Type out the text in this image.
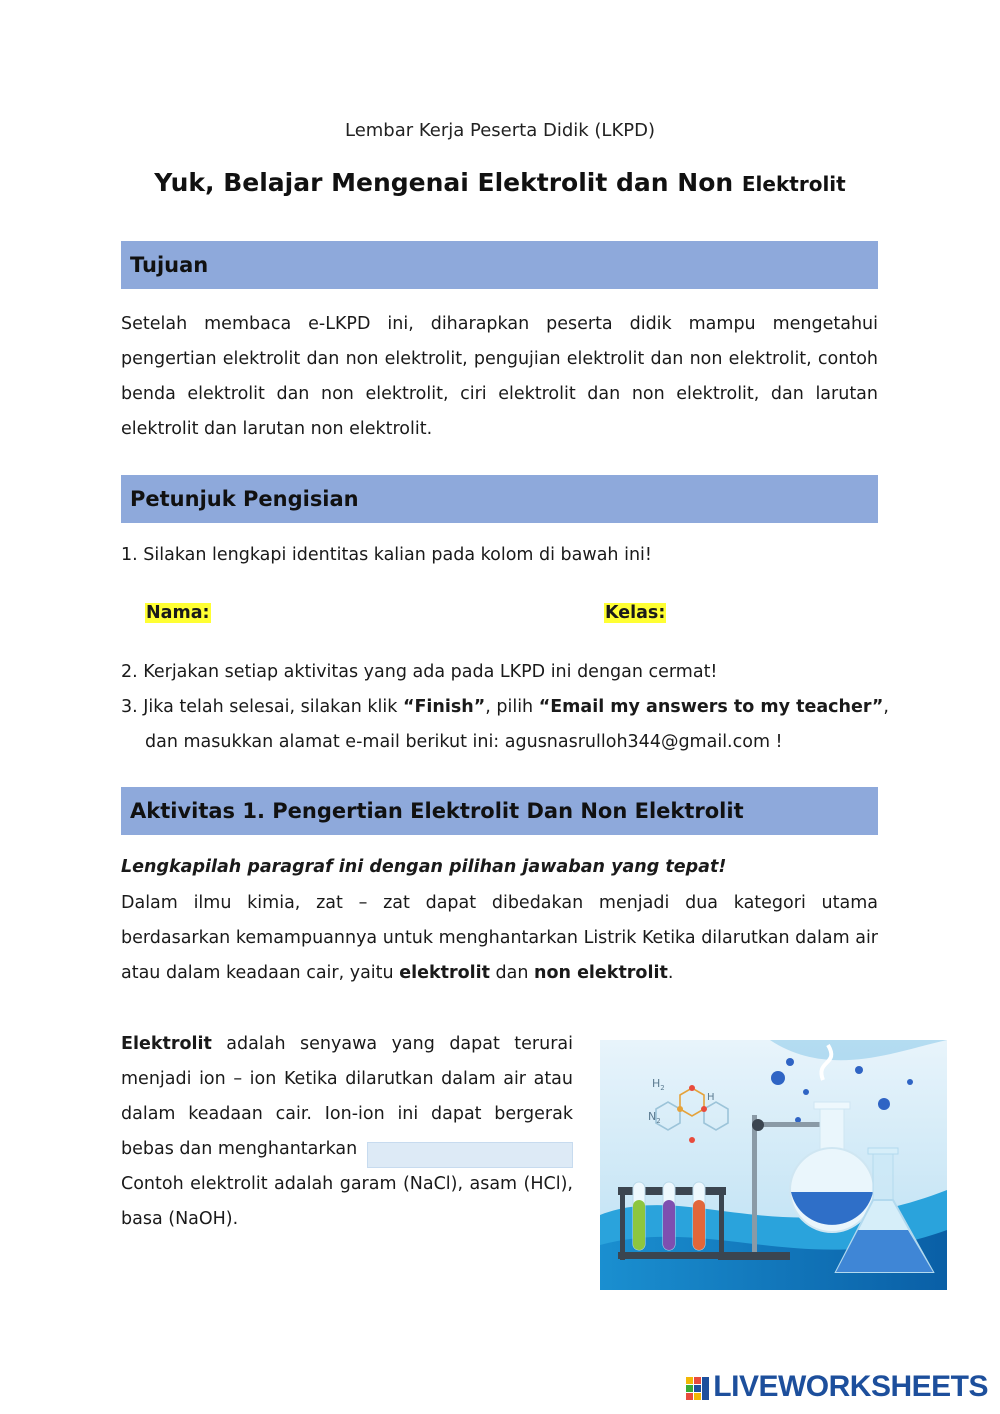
Lembar Kerja Peserta Didik (LKPD)
Yuk, Belajar Mengenai Elektrolit dan Non Elektrolit
Tujuan
Setelah membaca e-LKPD ini, diharapkan peserta didik mampu mengetahui pengertian elektrolit dan non elektrolit, pengujian elektrolit dan non elektrolit, contoh benda elektrolit dan non elektrolit, ciri elektrolit dan non elektrolit, dan larutan elektrolit dan larutan non elektrolit.
Petunjuk Pengisian
1. Silakan lengkapi identitas kalian pada kolom di bawah ini!
Nama:	Kelas:
2. Kerjakan setiap aktivitas yang ada pada LKPD ini dengan cermat!
3. Jika telah selesai, silakan klik “Finish”, pilih “Email my answers to my teacher”,
dan masukkan alamat e-mail berikut ini: agusnasrulloh344@gmail.com !
Aktivitas 1. Pengertian Elektrolit Dan Non Elektrolit
Lengkapilah paragraf ini dengan pilihan jawaban yang tepat!
Dalam ilmu kimia, zat – zat dapat dibedakan menjadi dua kategori utama berdasarkan kemampuannya untuk menghantarkan Listrik Ketika dilarutkan dalam air atau dalam keadaan cair, yaitu elektrolit dan non elektrolit.
Elektrolit adalah senyawa yang dapat terurai menjadi ion – ion Ketika dilarutkan dalam air atau dalam keadaan cair. Ion-ion ini dapat bergerak bebas dan menghantarkan
Contoh elektrolit adalah garam (NaCl), asam (HCl), basa (NaOH).
$H_2$
H
$N_2$
LIVEWORKSHEETS
